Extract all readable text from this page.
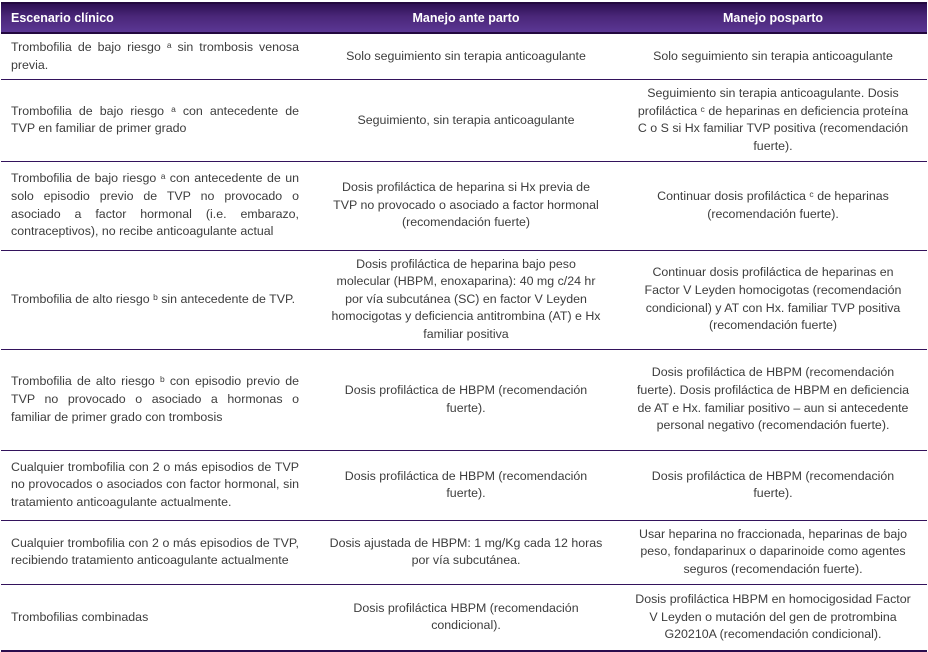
Escenario clínico	Manejo ante parto	Manejo posparto
Trombofilia de bajo riesgo ᵃ sin trombosis venosa previa.	Solo seguimiento sin terapia anticoagulante	Solo seguimiento sin terapia anticoagulante
Trombofilia de bajo riesgo ᵃ con antecedente de TVP en familiar de primer grado	Seguimiento, sin terapia anticoagulante	Seguimiento sin terapia anticoagulante. Dosis profiláctica ᶜ de heparinas en deficiencia proteína C o S si Hx familiar TVP positiva (recomendación fuerte).
Trombofilia de bajo riesgo ᵃ con antecedente de un solo episodio previo de TVP no provocado o asociado a factor hormonal (i.e. embarazo, contraceptivos), no recibe anticoagulante actual	Dosis profiláctica de heparina si Hx previa de TVP no provocado o asociado a factor hormonal (recomendación fuerte)	Continuar dosis profiláctica ᶜ de heparinas (recomendación fuerte).
Trombofilia de alto riesgo ᵇ sin antecedente de TVP.	Dosis profiláctica de heparina bajo peso molecular (HBPM, enoxaparina): 40 mg c/24 hr por vía subcutánea (SC) en factor V Leyden homocigotas y deficiencia antitrombina (AT) e Hx familiar positiva	Continuar dosis profiláctica de heparinas en Factor V Leyden homocigotas (recomendación condicional) y AT con Hx. familiar TVP positiva (recomendación fuerte)
Trombofilia de alto riesgo ᵇ con episodio previo de TVP no provocado o asociado a hormonas o familiar de primer grado con trombosis	Dosis profiláctica de HBPM (recomendación fuerte).	Dosis profiláctica de HBPM (recomendación fuerte). Dosis profiláctica de HBPM en deficiencia de AT e Hx. familiar positivo – aun si antecedente personal negativo (recomendación fuerte).
Cualquier trombofilia con 2 o más episodios de TVP no provocados o asociados con factor hormonal, sin tratamiento anticoagulante actualmente.	Dosis profiláctica de HBPM (recomendación fuerte).	Dosis profiláctica de HBPM (recomendación fuerte).
Cualquier trombofilia con 2 o más episodios de TVP, recibiendo tratamiento anticoagulante actualmente	Dosis ajustada de HBPM: 1 mg/Kg cada 12 horas por vía subcutánea.	Usar heparina no fraccionada, heparinas de bajo peso, fondaparinux o daparinoide como agentes seguros (recomendación fuerte).
Trombofilias combinadas	Dosis profiláctica HBPM (recomendación condicional).	Dosis profiláctica HBPM en homocigosidad Factor V Leyden o mutación del gen de protrombina G20210A (recomendación condicional).
